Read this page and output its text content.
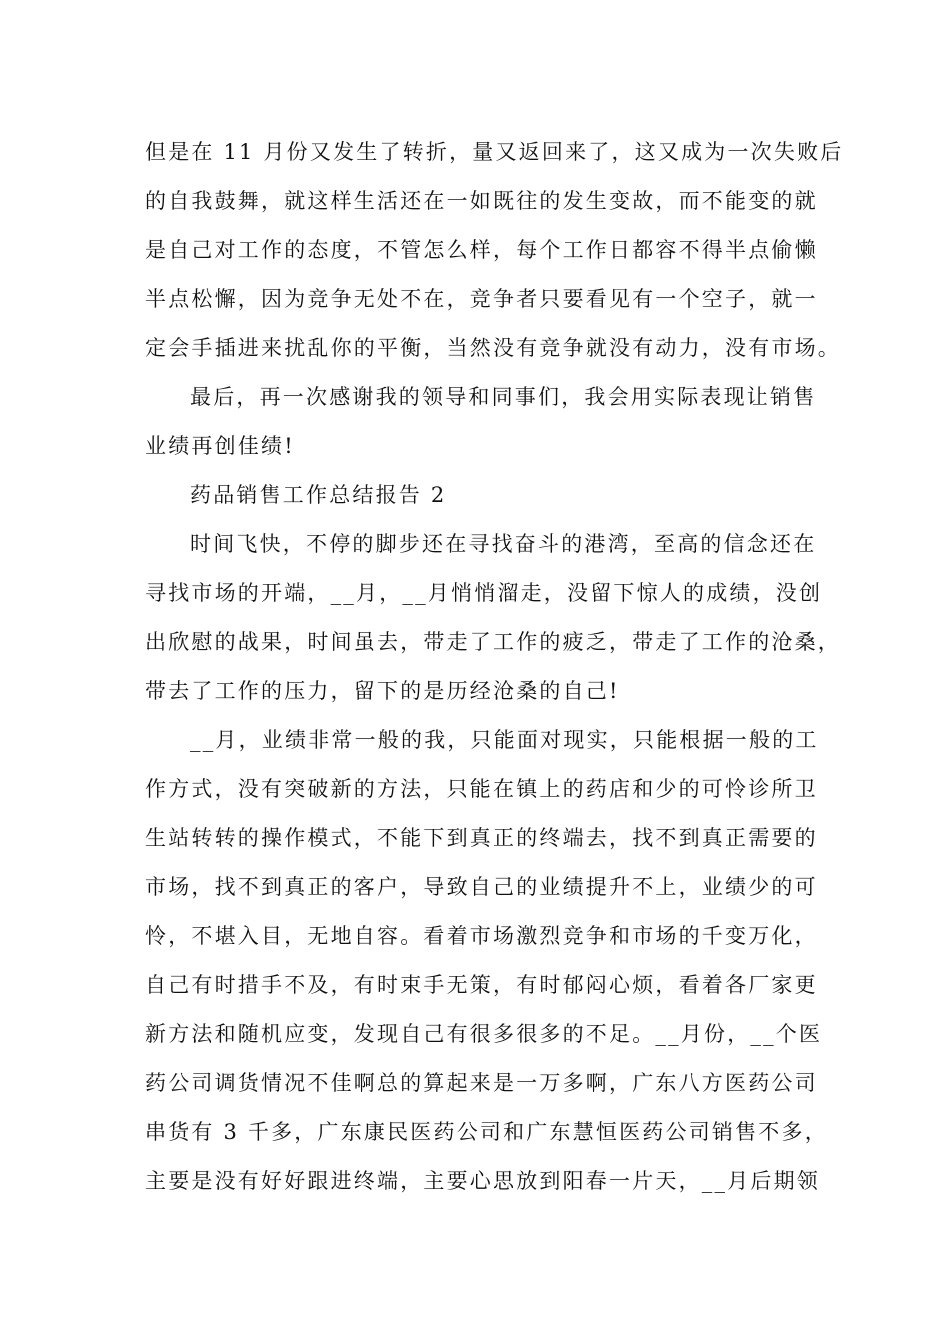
但是在 11 月份又发生了转折，量又返回来了，这又成为一次失败后
的自我鼓舞，就这样生活还在一如既往的发生变故，而不能变的就
是自己对工作的态度，不管怎么样，每个工作日都容不得半点偷懒
半点松懈，因为竞争无处不在，竞争者只要看见有一个空子，就一
定会手插进来扰乱你的平衡，当然没有竞争就没有动力，没有市场。

最后，再一次感谢我的领导和同事们，我会用实际表现让销售
业绩再创佳绩!

药品销售工作总结报告 2

时间飞快，不停的脚步还在寻找奋斗的港湾，至高的信念还在
寻找市场的开端，__月，__月悄悄溜走，没留下惊人的成绩，没创
出欣慰的战果，时间虽去，带走了工作的疲乏，带走了工作的沧桑，
带去了工作的压力，留下的是历经沧桑的自己!

__月，业绩非常一般的我，只能面对现实，只能根据一般的工
作方式，没有突破新的方法，只能在镇上的药店和少的可怜诊所卫
生站转转的操作模式，不能下到真正的终端去，找不到真正需要的
市场，找不到真正的客户，导致自己的业绩提升不上，业绩少的可
怜，不堪入目，无地自容。看着市场激烈竞争和市场的千变万化，
自己有时措手不及，有时束手无策，有时郁闷心烦，看着各厂家更
新方法和随机应变，发现自己有很多很多的不足。__月份，__个医
药公司调货情况不佳啊总的算起来是一万多啊，广东八方医药公司
串货有 3 千多，广东康民医药公司和广东慧恒医药公司销售不多，
主要是没有好好跟进终端，主要心思放到阳春一片天，__月后期领
